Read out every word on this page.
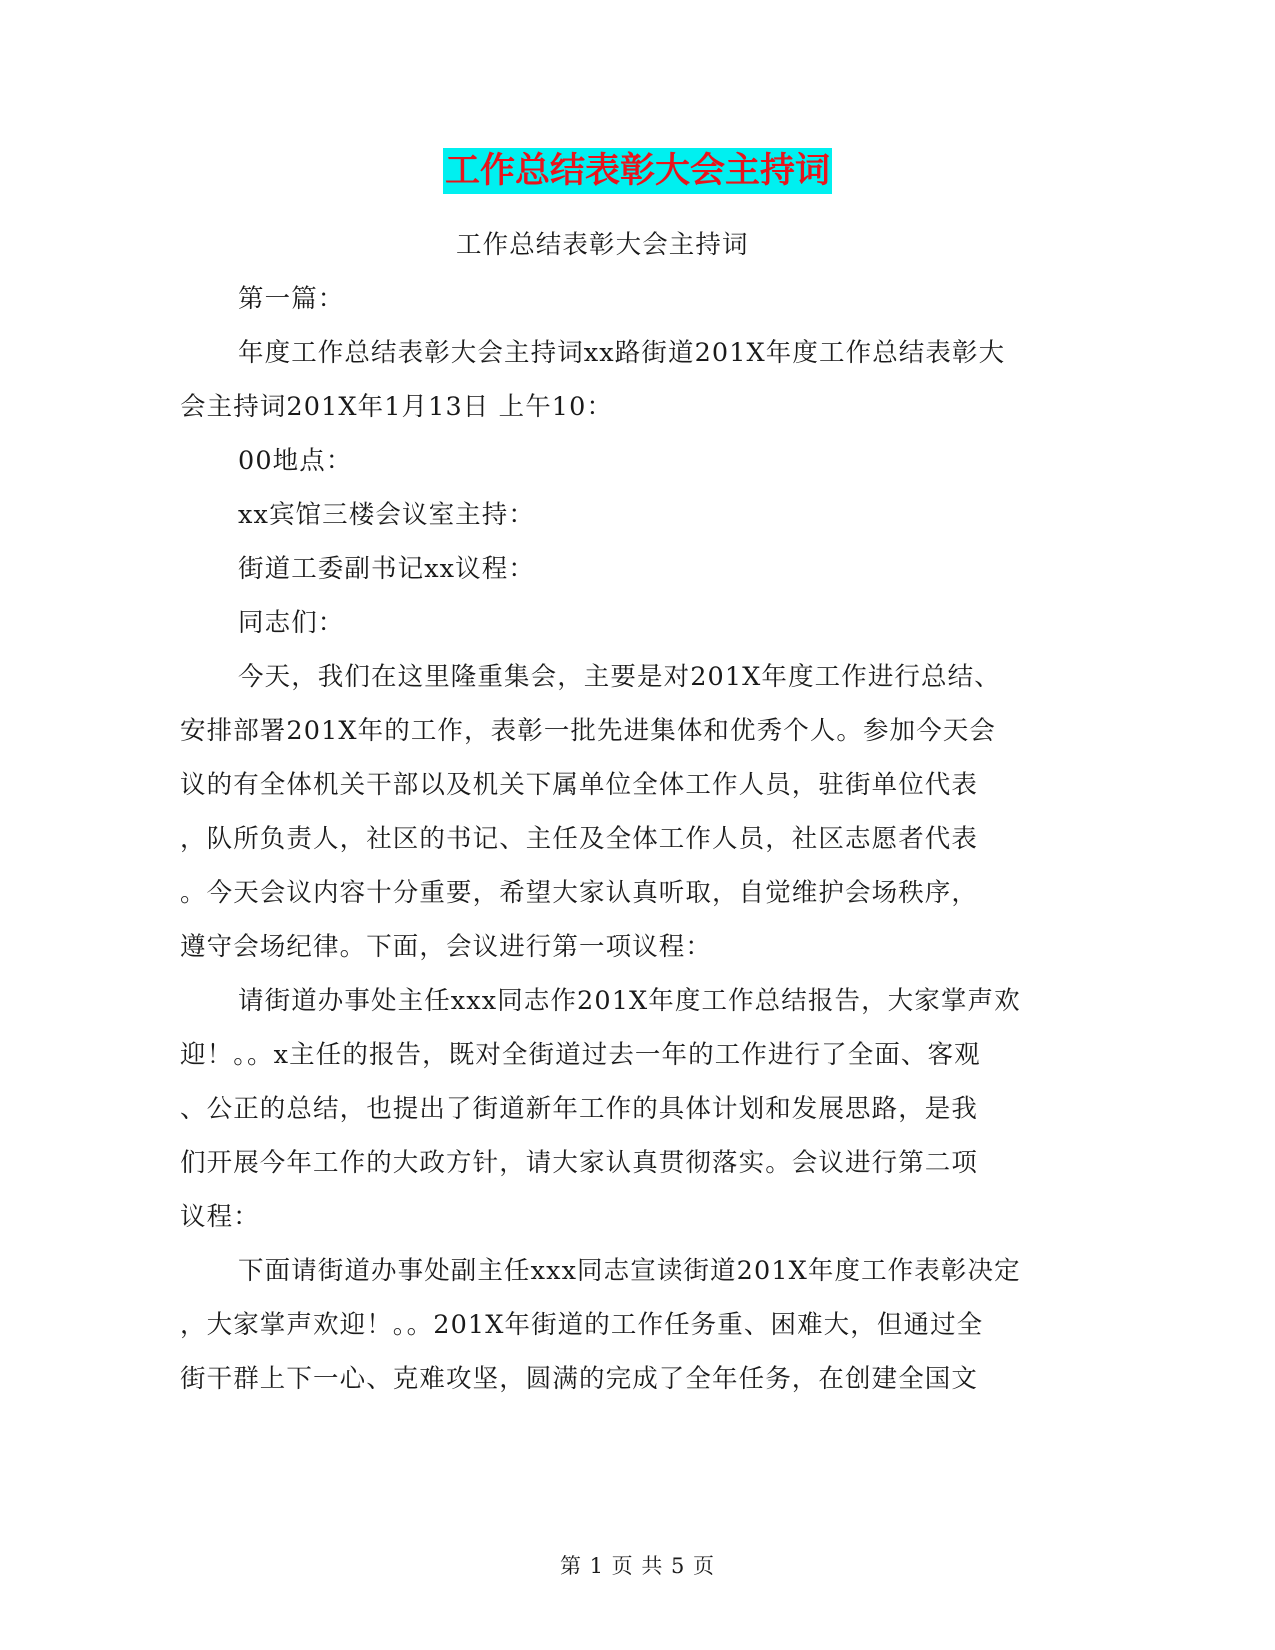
工作总结表彰大会主持词
工作总结表彰大会主持词
第一篇：
年度工作总结表彰大会主持词xx路街道201X年度工作总结表彰大
会主持词201X年1月13日 上午10：
00地点：
xx宾馆三楼会议室主持：
街道工委副书记xx议程：
同志们：
今天，我们在这里隆重集会，主要是对201X年度工作进行总结、
安排部署201X年的工作，表彰一批先进集体和优秀个人。参加今天会
议的有全体机关干部以及机关下属单位全体工作人员，驻街单位代表
，队所负责人，社区的书记、主任及全体工作人员，社区志愿者代表
。今天会议内容十分重要，希望大家认真听取，自觉维护会场秩序，
遵守会场纪律。下面，会议进行第一项议程：
请街道办事处主任xxx同志作201X年度工作总结报告，大家掌声欢
迎！。。x主任的报告，既对全街道过去一年的工作进行了全面、客观
、公正的总结，也提出了街道新年工作的具体计划和发展思路，是我
们开展今年工作的大政方针，请大家认真贯彻落实。会议进行第二项
议程：
下面请街道办事处副主任xxx同志宣读街道201X年度工作表彰决定
，大家掌声欢迎！。。201X年街道的工作任务重、困难大，但通过全
街干群上下一心、克难攻坚，圆满的完成了全年任务，在创建全国文
第 1 页 共 5 页
